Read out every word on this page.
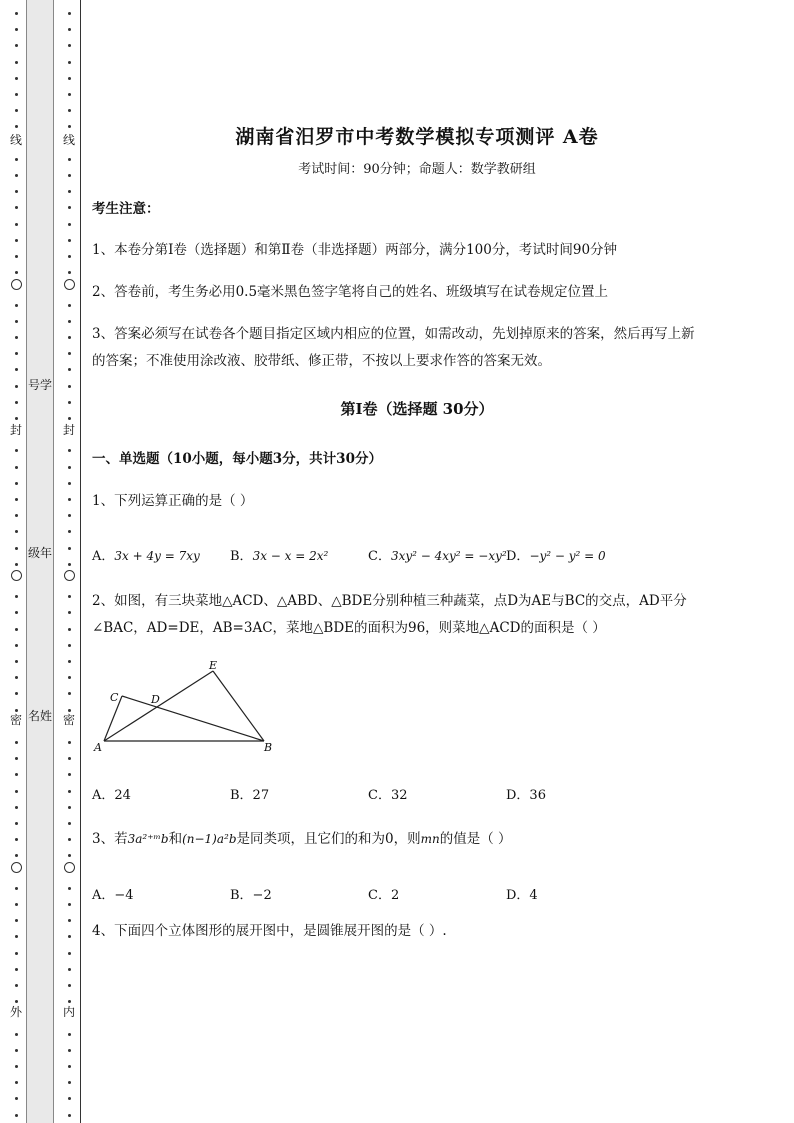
线
封
密
外
线
封
密
内
号学
级年
名姓
湖南省汨罗市中考数学模拟专项测评 A卷
考试时间：90分钟；命题人：数学教研组
考生注意：
1、本卷分第Ⅰ卷（选择题）和第Ⅱ卷（非选择题）两部分，满分100分，考试时间90分钟
2、答卷前，考生务必用0.5毫米黑色签字笔将自己的姓名、班级填写在试卷规定位置上
3、答案必须写在试卷各个题目指定区域内相应的位置，如需改动，先划掉原来的答案，然后再写上新
的答案；不准使用涂改液、胶带纸、修正带，不按以上要求作答的答案无效。
第Ⅰ卷（选择题 30分）
一、单选题（10小题，每小题3分，共计30分）
1、下列运算正确的是（ ）
A．3x + 4y = 7xy B．3x − x = 2x²	C．3xy² − 4xy² = −xy² D．−y² − y² = 0
2、如图，有三块菜地△ACD、△ABD、△BDE分别种植三种蔬菜，点D为AE与BC的交点，AD平分
∠BAC，AD=DE，AB=3AC，菜地△BDE的面积为96，则菜地△ACD的面积是（ ）
A．24	B．27	C．32	D．36
3、若3a²⁺ᵐb和(n−1)a²b是同类项，且它们的和为0，则mn的值是（ ）
A．−4	B．−2	C．2	D．4
4、下面四个立体图形的展开图中，是圆锥展开图的是（ ）.
A	B
C	D
E
